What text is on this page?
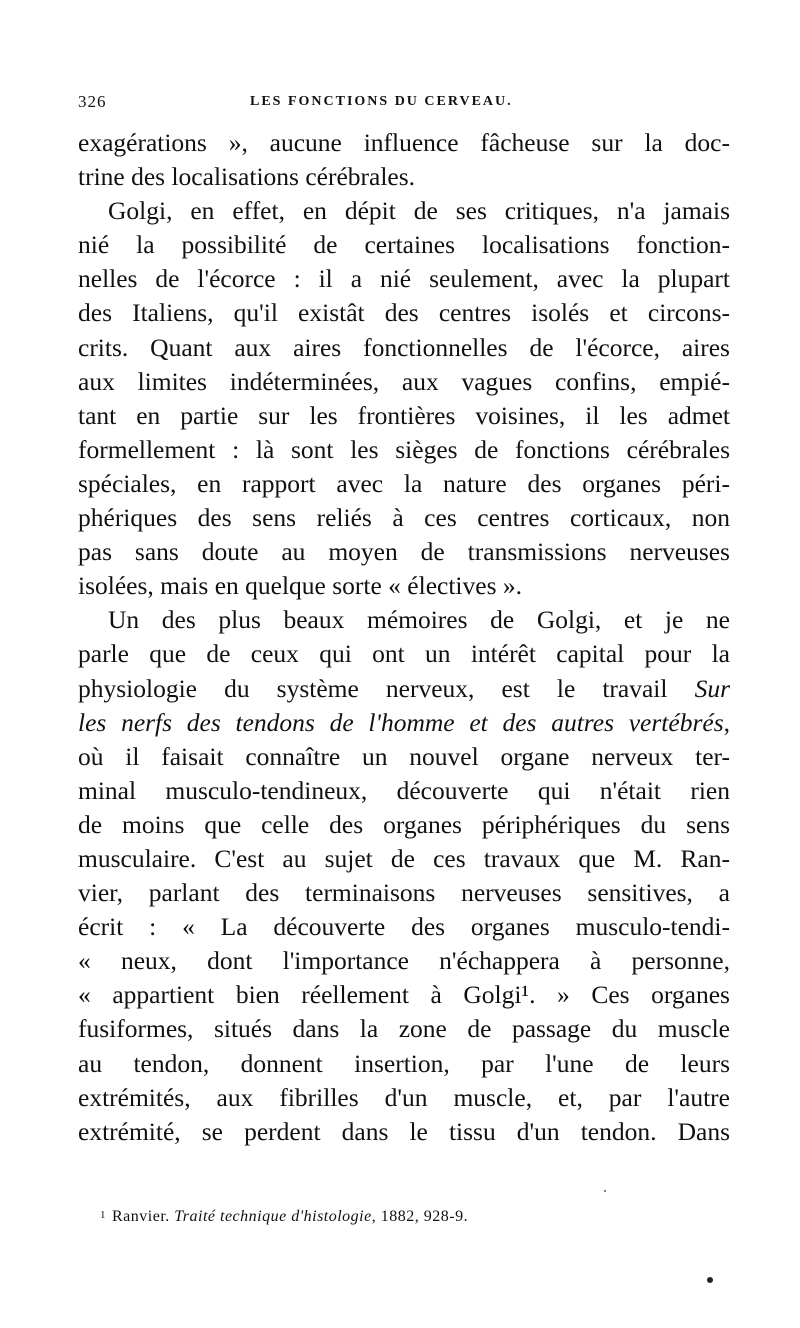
326	LES FONCTIONS DU CERVEAU.
exagérations », aucune influence fâcheuse sur la doc-
trine des localisations cérébrales.
Golgi, en effet, en dépit de ses critiques, n'a jamais
nié la possibilité de certaines localisations fonction-
nelles de l'écorce : il a nié seulement, avec la plupart
des Italiens, qu'il existât des centres isolés et circons-
crits. Quant aux aires fonctionnelles de l'écorce, aires
aux limites indéterminées, aux vagues confins, empié-
tant en partie sur les frontières voisines, il les admet
formellement : là sont les sièges de fonctions cérébrales
spéciales, en rapport avec la nature des organes péri-
phériques des sens reliés à ces centres corticaux, non
pas sans doute au moyen de transmissions nerveuses
isolées, mais en quelque sorte « électives ».
Un des plus beaux mémoires de Golgi, et je ne
parle que de ceux qui ont un intérêt capital pour la
physiologie du système nerveux, est le travail Sur
les nerfs des tendons de l'homme et des autres vertébrés,
où il faisait connaître un nouvel organe nerveux ter-
minal musculo-tendineux, découverte qui n'était rien
de moins que celle des organes périphériques du sens
musculaire. C'est au sujet de ces travaux que M. Ran-
vier, parlant des terminaisons nerveuses sensitives, a
écrit : « La découverte des organes musculo-tendi-
« neux, dont l'importance n'échappera à personne,
« appartient bien réellement à Golgi¹. » Ces organes
fusiformes, situés dans la zone de passage du muscle
au tendon, donnent insertion, par l'une de leurs
extrémités, aux fibrilles d'un muscle, et, par l'autre
extrémité, se perdent dans le tissu d'un tendon. Dans
1 Ranvier. Traité technique d'histologie, 1882, 928-9.
